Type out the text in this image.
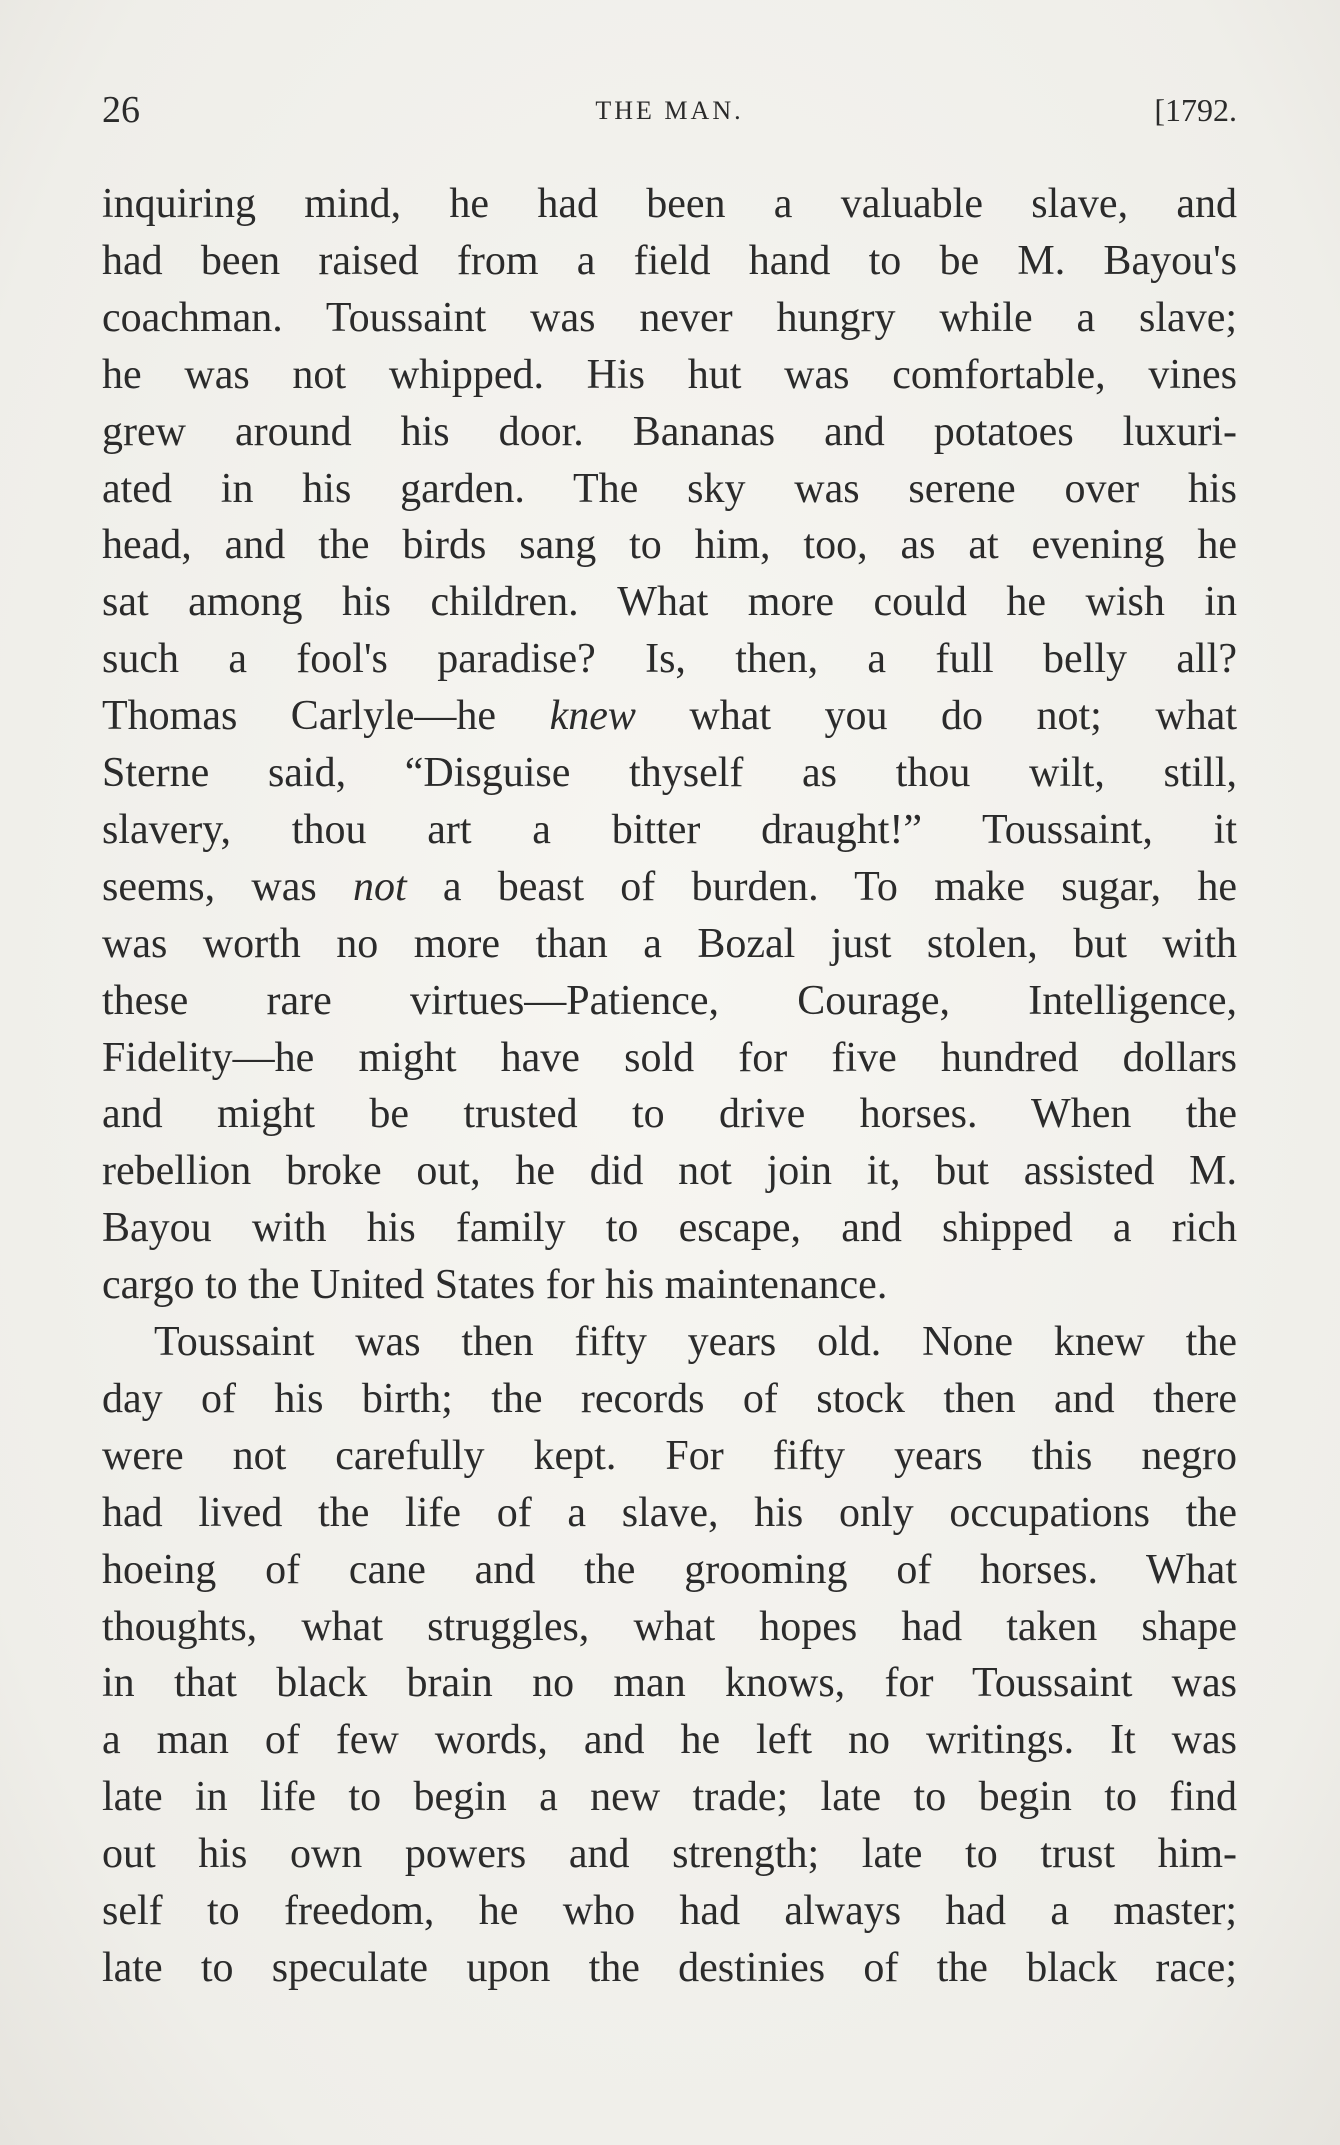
26	THE MAN.	[1792.
inquiring mind, he had been a valuable slave, and
had been raised from a field hand to be M. Bayou's
coachman. Toussaint was never hungry while a slave;
he was not whipped. His hut was comfortable, vines
grew around his door. Bananas and potatoes luxuri-
ated in his garden. The sky was serene over his
head, and the birds sang to him, too, as at evening he
sat among his children. What more could he wish in
such a fool's paradise? Is, then, a full belly all?
Thomas Carlyle—he knew what you do not; what
Sterne said, “Disguise thyself as thou wilt, still,
slavery, thou art a bitter draught!” Toussaint, it
seems, was not a beast of burden. To make sugar, he
was worth no more than a Bozal just stolen, but with
these rare virtues—Patience, Courage, Intelligence,
Fidelity—he might have sold for five hundred dollars
and might be trusted to drive horses. When the
rebellion broke out, he did not join it, but assisted M.
Bayou with his family to escape, and shipped a rich
cargo to the United States for his maintenance.
Toussaint was then fifty years old. None knew the
day of his birth; the records of stock then and there
were not carefully kept. For fifty years this negro
had lived the life of a slave, his only occupations the
hoeing of cane and the grooming of horses. What
thoughts, what struggles, what hopes had taken shape
in that black brain no man knows, for Toussaint was
a man of few words, and he left no writings. It was
late in life to begin a new trade; late to begin to find
out his own powers and strength; late to trust him-
self to freedom, he who had always had a master;
late to speculate upon the destinies of the black race;
